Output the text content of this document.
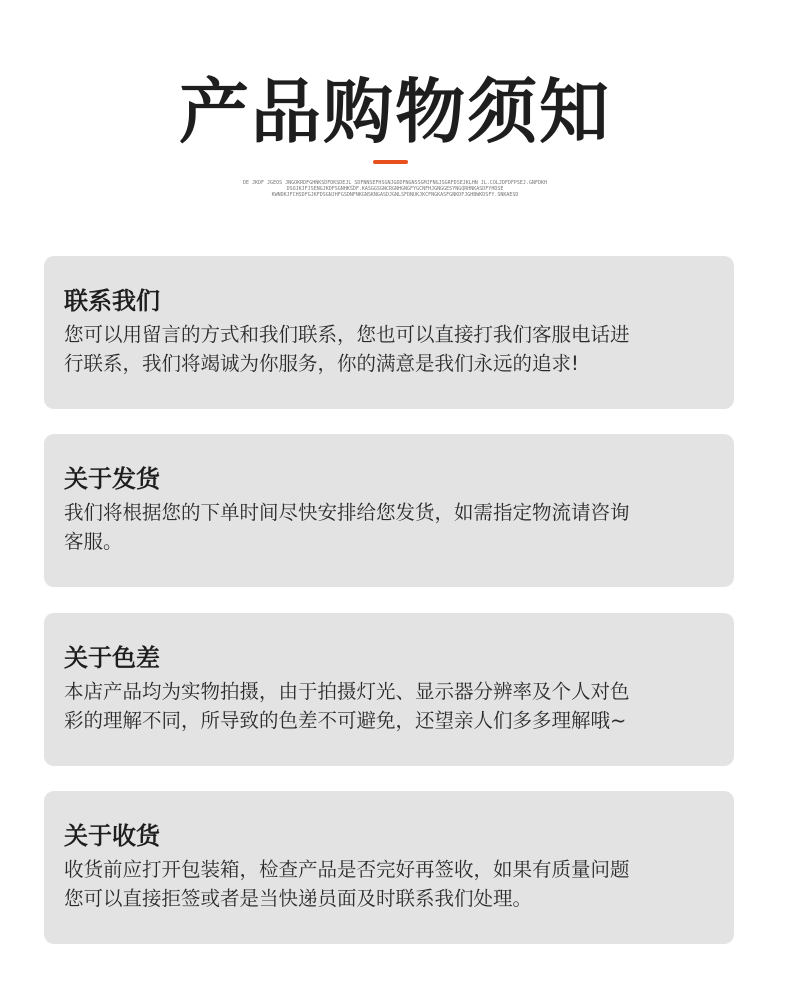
产品购物须知
DE JKDF JGEOS JNGOKRDFGHNKSDFDKSDEJL_SDFNNSEFHSGNJGDDFNGNSSGMJFNGJSGRFDSEJKLHN JL.COLJDFDFPSEJ.GNFDKH
DSOJKJFJSENGJKDFSGNHKSDF.KASGGSGNCRGNHGNGFYGCNFHJGNGGESYNGQRHNKASDFYHDSE
KWNDKJFCHSDFGJKFDSGNJHFGSDNFNKGNSKNGASDJGNLSFDNUKJKCFNGKASFGNKDFJGHBWKDSFY.SNKAESD
联系我们

您可以用留言的方式和我们联系，您也可以直接打我们客服电话进
行联系，我们将竭诚为你服务，你的满意是我们永远的追求!

关于发货

我们将根据您的下单时间尽快安排给您发货，如需指定物流请咨询
客服。

关于色差

本店产品均为实物拍摄，由于拍摄灯光、显示器分辨率及个人对色
彩的理解不同，所导致的色差不可避免，还望亲人们多多理解哦~

关于收货

收货前应打开包装箱，检查产品是否完好再签收，如果有质量问题
您可以直接拒签或者是当快递员面及时联系我们处理。
